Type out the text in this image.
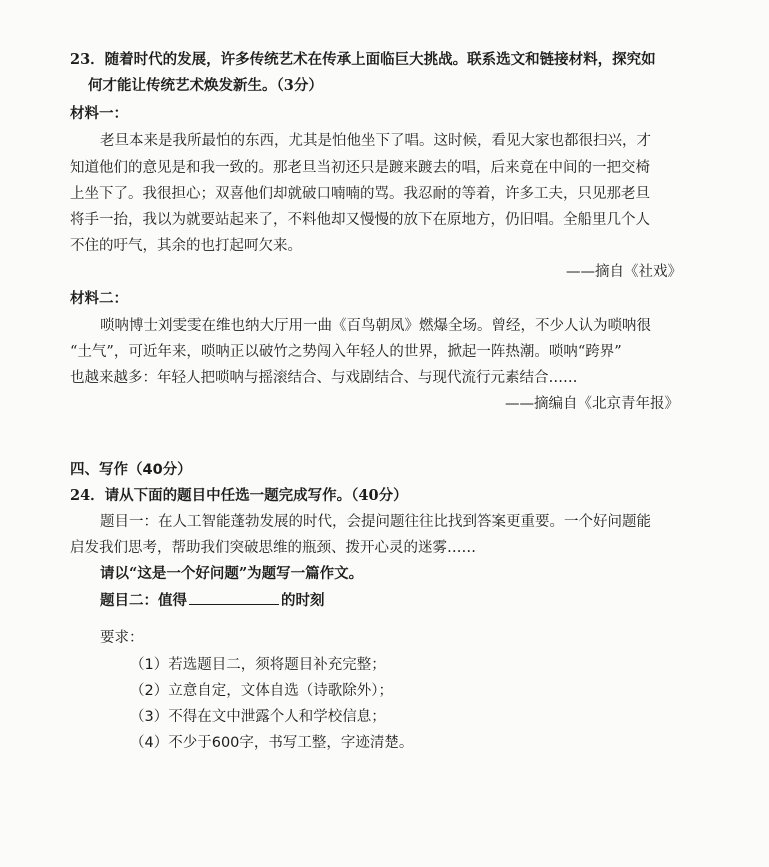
23．随着时代的发展，许多传统艺术在传承上面临巨大挑战。联系选文和链接材料，探究如
何才能让传统艺术焕发新生。（3分）
材料一：
老旦本来是我所最怕的东西，尤其是怕他坐下了唱。这时候，看见大家也都很扫兴，才
知道他们的意见是和我一致的。那老旦当初还只是踱来踱去的唱，后来竟在中间的一把交椅
上坐下了。我很担心；双喜他们却就破口喃喃的骂。我忍耐的等着，许多工夫，只见那老旦
将手一抬，我以为就要站起来了，不料他却又慢慢的放下在原地方，仍旧唱。全船里几个人
不住的吁气，其余的也打起呵欠来。
——摘自《社戏》
材料二：
唢呐博士刘雯雯在维也纳大厅用一曲《百鸟朝凤》燃爆全场。曾经，不少人认为唢呐很
“土气”，可近年来，唢呐正以破竹之势闯入年轻人的世界，掀起一阵热潮。唢呐“跨界”
也越来越多：年轻人把唢呐与摇滚结合、与戏剧结合、与现代流行元素结合……
——摘编自《北京青年报》
四、写作（40分）
24．请从下面的题目中任选一题完成写作。（40分）
题目一：在人工智能蓬勃发展的时代，会提问题往往比找到答案更重要。一个好问题能
启发我们思考，帮助我们突破思维的瓶颈、拨开心灵的迷雾……
请以“这是一个好问题”为题写一篇作文。
题目二：值得	的时刻
要求：
（1）若选题目二，须将题目补充完整；
（2）立意自定，文体自选（诗歌除外）；
（3）不得在文中泄露个人和学校信息；
（4）不少于600字，书写工整，字迹清楚。
